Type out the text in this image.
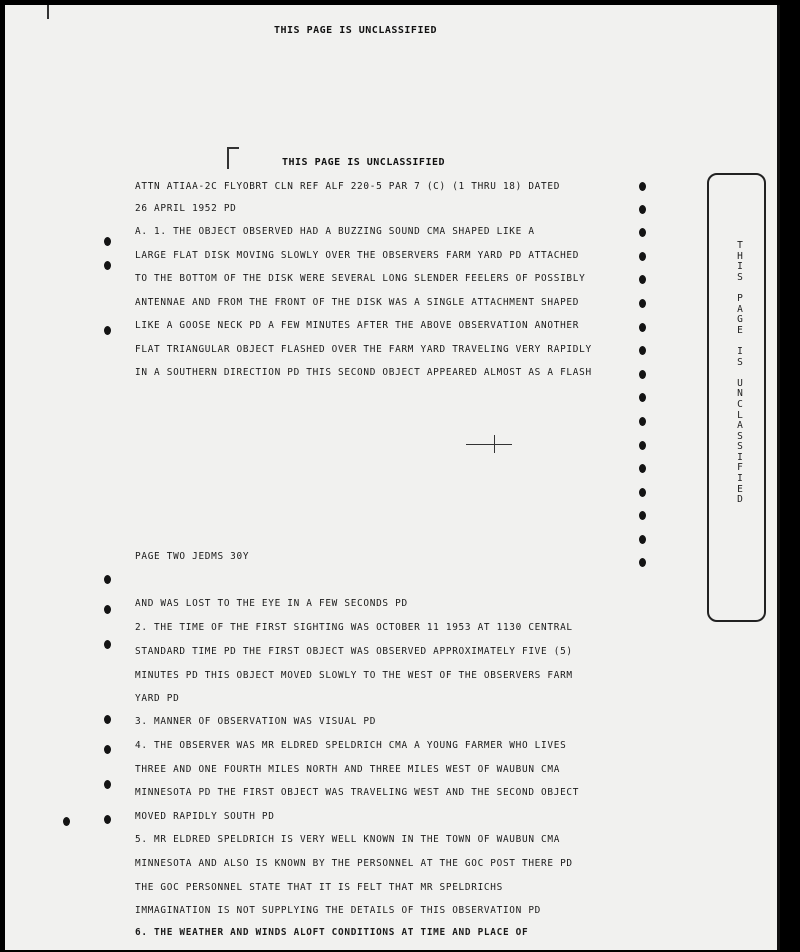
THIS PAGE IS UNCLASSIFIED
THIS PAGE IS UNCLASSIFIED
ATTN ATIAA-2C FLYOBRT CLN REF ALF 220-5 PAR 7 (C) (1 THRU 18) DATED
26 APRIL 1952 PD
A. 1. THE OBJECT OBSERVED HAD A BUZZING SOUND CMA SHAPED LIKE A
LARGE FLAT DISK MOVING SLOWLY OVER THE OBSERVERS FARM YARD PD ATTACHED
TO THE BOTTOM OF THE DISK WERE SEVERAL LONG SLENDER FEELERS OF POSSIBLY
ANTENNAE AND FROM THE FRONT OF THE DISK WAS A SINGLE ATTACHMENT SHAPED
LIKE A GOOSE NECK PD A FEW MINUTES AFTER THE ABOVE OBSERVATION ANOTHER
FLAT TRIANGULAR OBJECT FLASHED OVER THE FARM YARD TRAVELING VERY RAPIDLY
IN A SOUTHERN DIRECTION PD THIS SECOND OBJECT APPEARED ALMOST AS A FLASH
PAGE TWO JEDMS 30Y
AND WAS LOST TO THE EYE IN A FEW SECONDS PD
2. THE TIME OF THE FIRST SIGHTING WAS OCTOBER 11 1953 AT 1130 CENTRAL
STANDARD TIME PD THE FIRST OBJECT WAS OBSERVED APPROXIMATELY FIVE (5)
MINUTES PD THIS OBJECT MOVED SLOWLY TO THE WEST OF THE OBSERVERS FARM
YARD PD
3. MANNER OF OBSERVATION WAS VISUAL PD
4. THE OBSERVER WAS MR ELDRED SPELDRICH CMA A YOUNG FARMER WHO LIVES
THREE AND ONE FOURTH MILES NORTH AND THREE MILES WEST OF WAUBUN CMA
MINNESOTA PD THE FIRST OBJECT WAS TRAVELING WEST AND THE SECOND OBJECT
MOVED RAPIDLY SOUTH PD
5. MR ELDRED SPELDRICH IS VERY WELL KNOWN IN THE TOWN OF WAUBUN CMA
MINNESOTA AND ALSO IS KNOWN BY THE PERSONNEL AT THE GOC POST THERE PD
THE GOC PERSONNEL STATE THAT IT IS FELT THAT MR SPELDRICHS
IMMAGINATION IS NOT SUPPLYING THE DETAILS OF THIS OBSERVATION PD
6. THE WEATHER AND WINDS ALOFT CONDITIONS AT TIME AND PLACE OF
T
H
I
S

P
A
G
E

I
S

U
N
C
L
A
S
S
I
F
I
E
D
